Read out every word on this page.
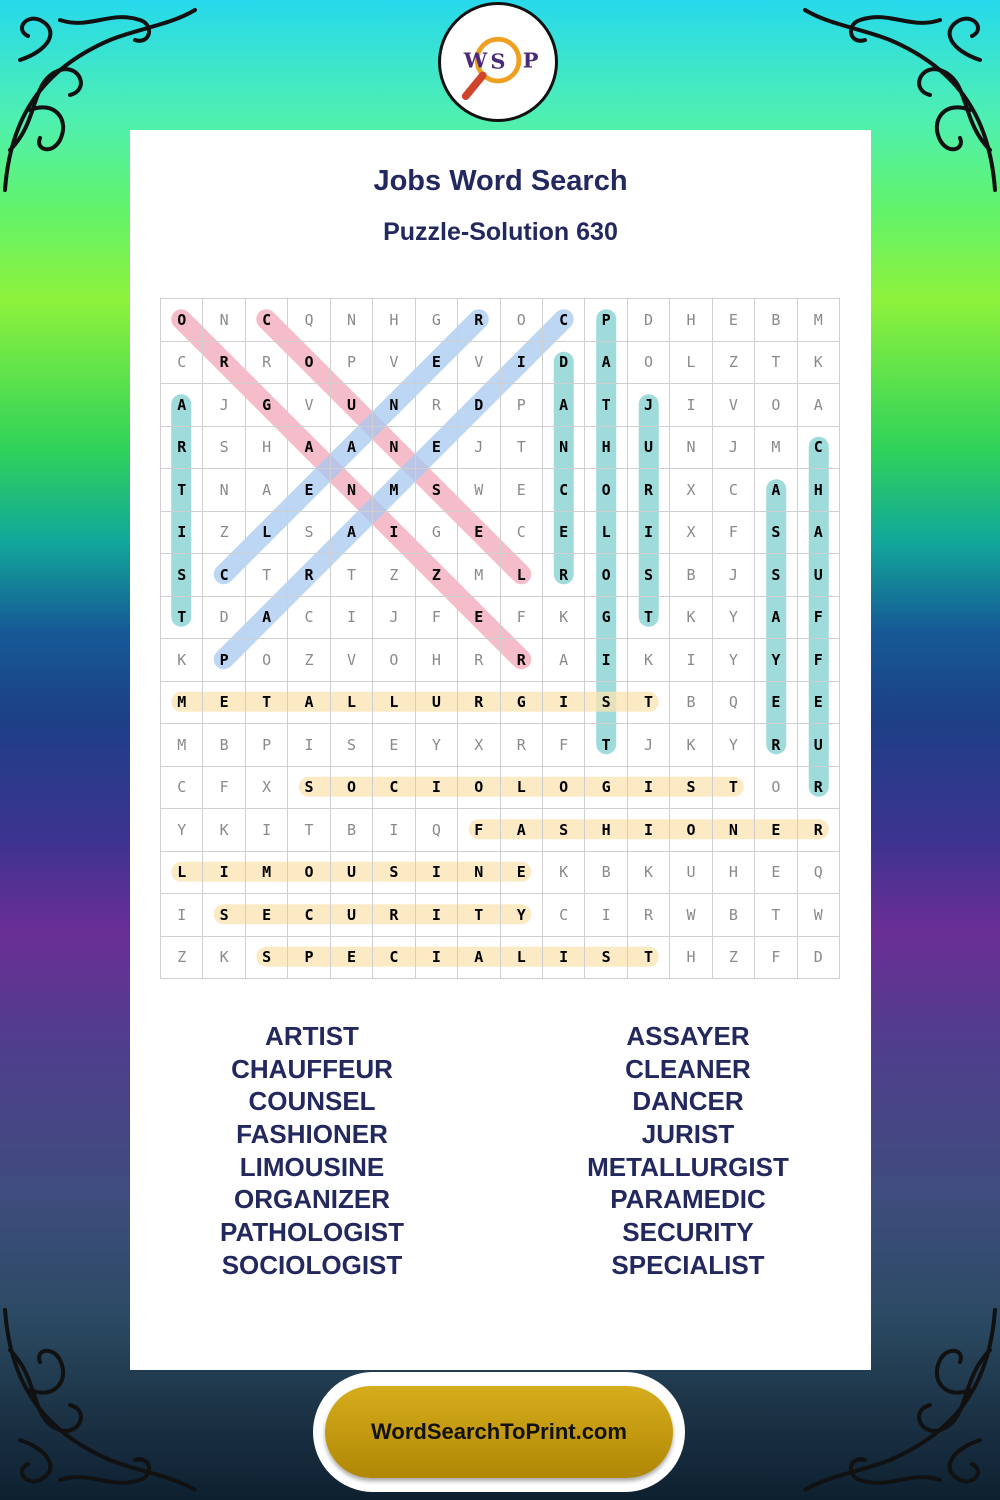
W S P
Jobs Word Search
Puzzle-Solution 630
O	N	C	Q	N	H	G	R	O	C	P	D	H	E	B	M
C	R	R	O	P	V	E	V	I	D	A	O	L	Z	T	K
A	J	G	V	U	N	R	D	P	A	T	J	I	V	O	A
R	S	H	A	A	N	E	J	T	N	H	U	N	J	M	C
T	N	A	E	N	M	S	W	E	C	O	R	X	C	A	H
I	Z	L	S	A	I	G	E	C	E	L	I	X	F	S	A
S	C	T	R	T	Z	Z	M	L	R	O	S	B	J	S	U
T	D	A	C	I	J	F	E	F	K	G	T	K	Y	A	F
K	P	O	Z	V	O	H	R	R	A	I	K	I	Y	Y	F
M	E	T	A	L	L	U	R	G	I	S	T	B	Q	E	E
M	B	P	I	S	E	Y	X	R	F	T	J	K	Y	R	U
C	F	X	S	O	C	I	O	L	O	G	I	S	T	O	R
Y	K	I	T	B	I	Q	F	A	S	H	I	O	N	E	R
L	I	M	O	U	S	I	N	E	K	B	K	U	H	E	Q
I	S	E	C	U	R	I	T	Y	C	I	R	W	B	T	W
Z	K	S	P	E	C	I	A	L	I	S	T	H	Z	F	D
ARTIST
CHAUFFEUR
COUNSEL
FASHIONER
LIMOUSINE
ORGANIZER
PATHOLOGIST
SOCIOLOGIST
ASSAYER
CLEANER
DANCER
JURIST
METALLURGIST
PARAMEDIC
SECURITY
SPECIALIST
WordSearchToPrint.com
